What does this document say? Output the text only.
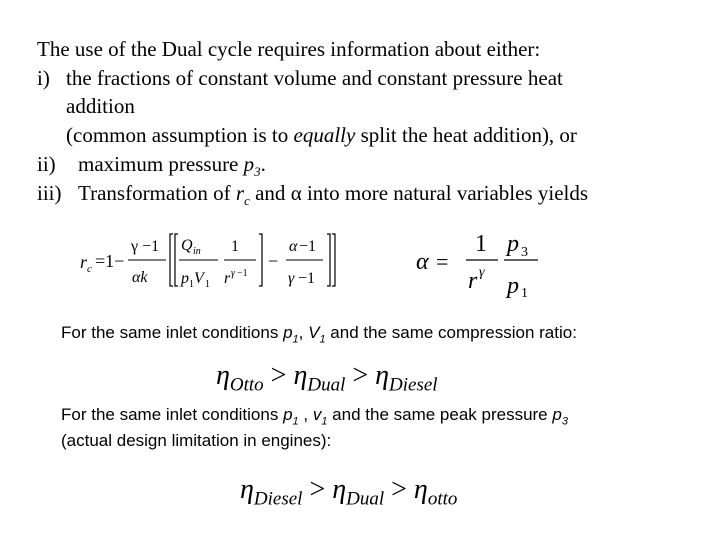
The use of the Dual cycle requires information about either:
i) the fractions of constant volume and constant pressure heat
addition
(common assumption is to equally split the heat addition), or
ii) maximum pressure $p_3$.
iii) Transformation of $r_c$ and α into more natural variables yields
r c =1−
γ −1
αk
Q in
p 1 V 1
1
r γ −1
−
α −1
γ −1
α =
1
r γ
p 3
p 1
For the same inlet conditions $p_1$, $V_1$ and the same compression ratio:
$\eta_{Otto} > \eta_{Dual} > \eta_{Diesel}$
For the same inlet conditions $p_1$ , $v_1$ and the same peak pressure $p_3$
(actual design limitation in engines):
$\eta_{Diesel} > \eta_{Dual} > \eta_{otto}$
